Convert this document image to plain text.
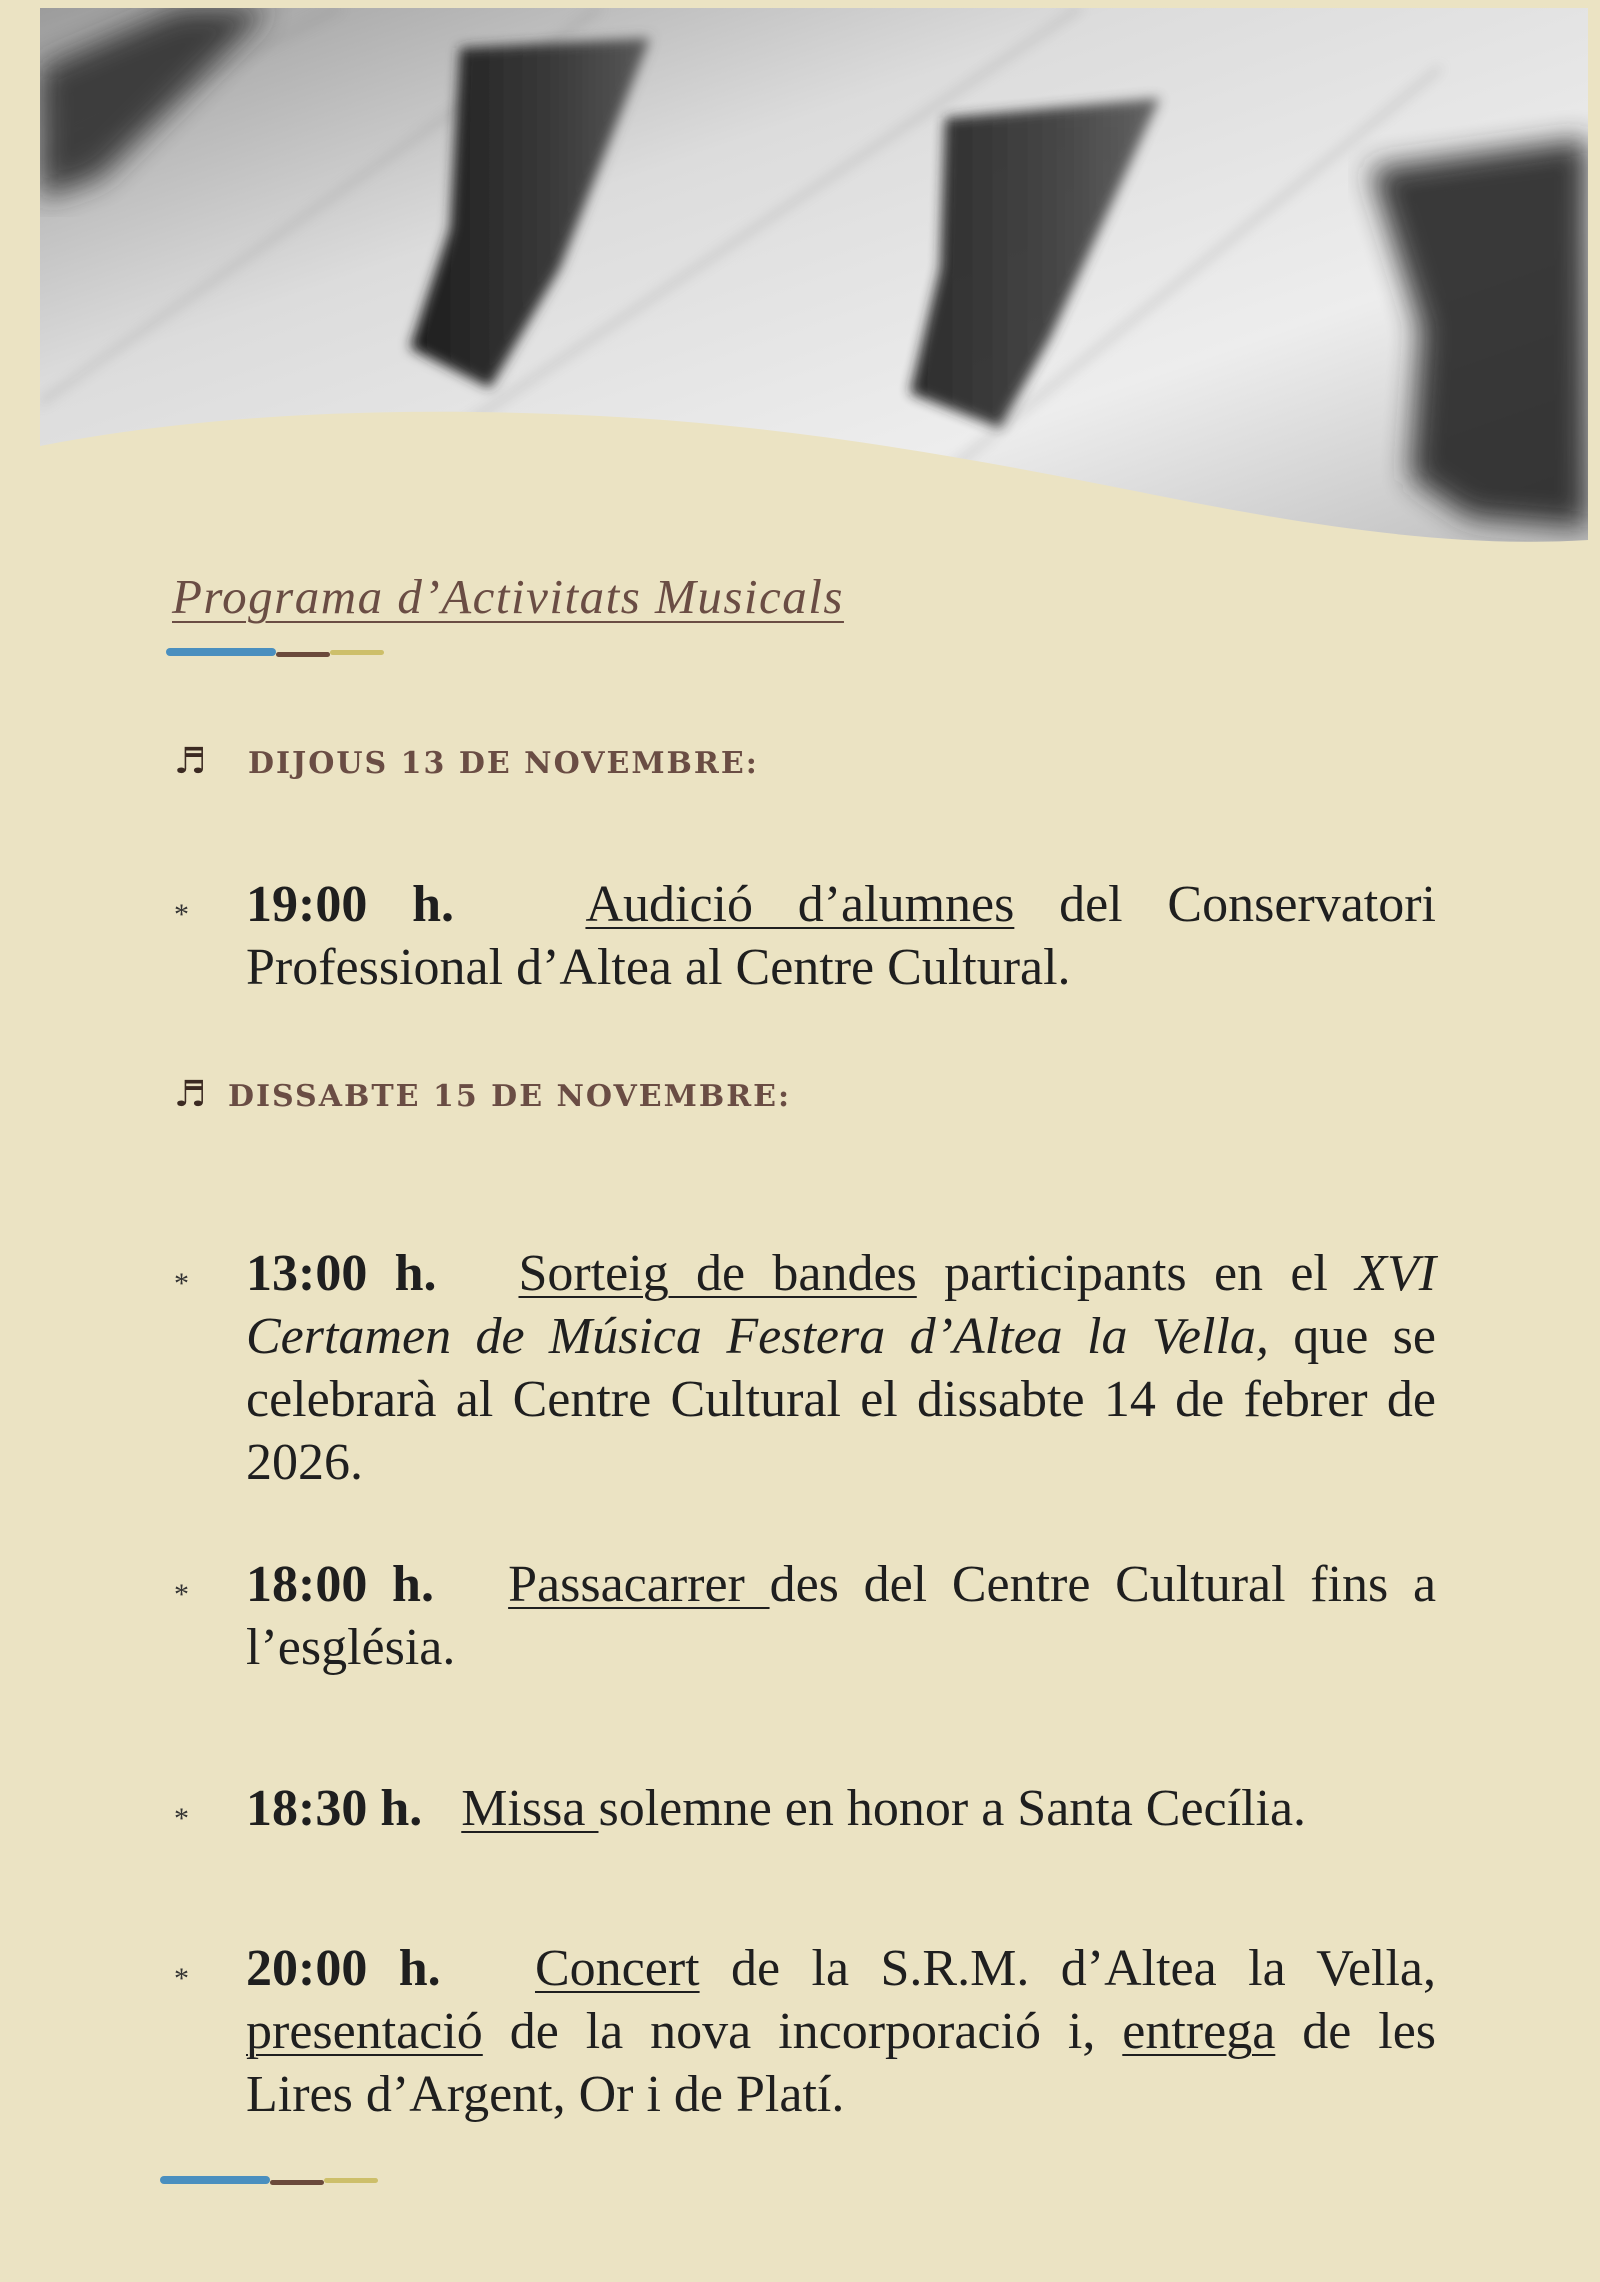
Programa d’Activitats Musicals
♬ DIJOUS 13 DE NOVEMBRE:
* 19:00 h.	Audició d’alumnes del Conservatori Professional d’Altea al Centre Cultural.
♬ DISSABTE 15 DE NOVEMBRE:
* 13:00 h. Sorteig de bandes participants en el XVI Certamen de Música Festera d’Altea la Vella, que se celebrarà al Centre Cultural el dissabte 14 de febrer de 2026.
* 18:00 h. Passacarrer des del Centre Cultural fins a l’església.
* 18:30 h. Missa solemne en honor a Santa Cecília.
* 20:00 h. Concert de la S.R.M. d’Altea la Vella, presentació de la nova incorporació i, entrega de les Lires d’Argent, Or i de Platí.
